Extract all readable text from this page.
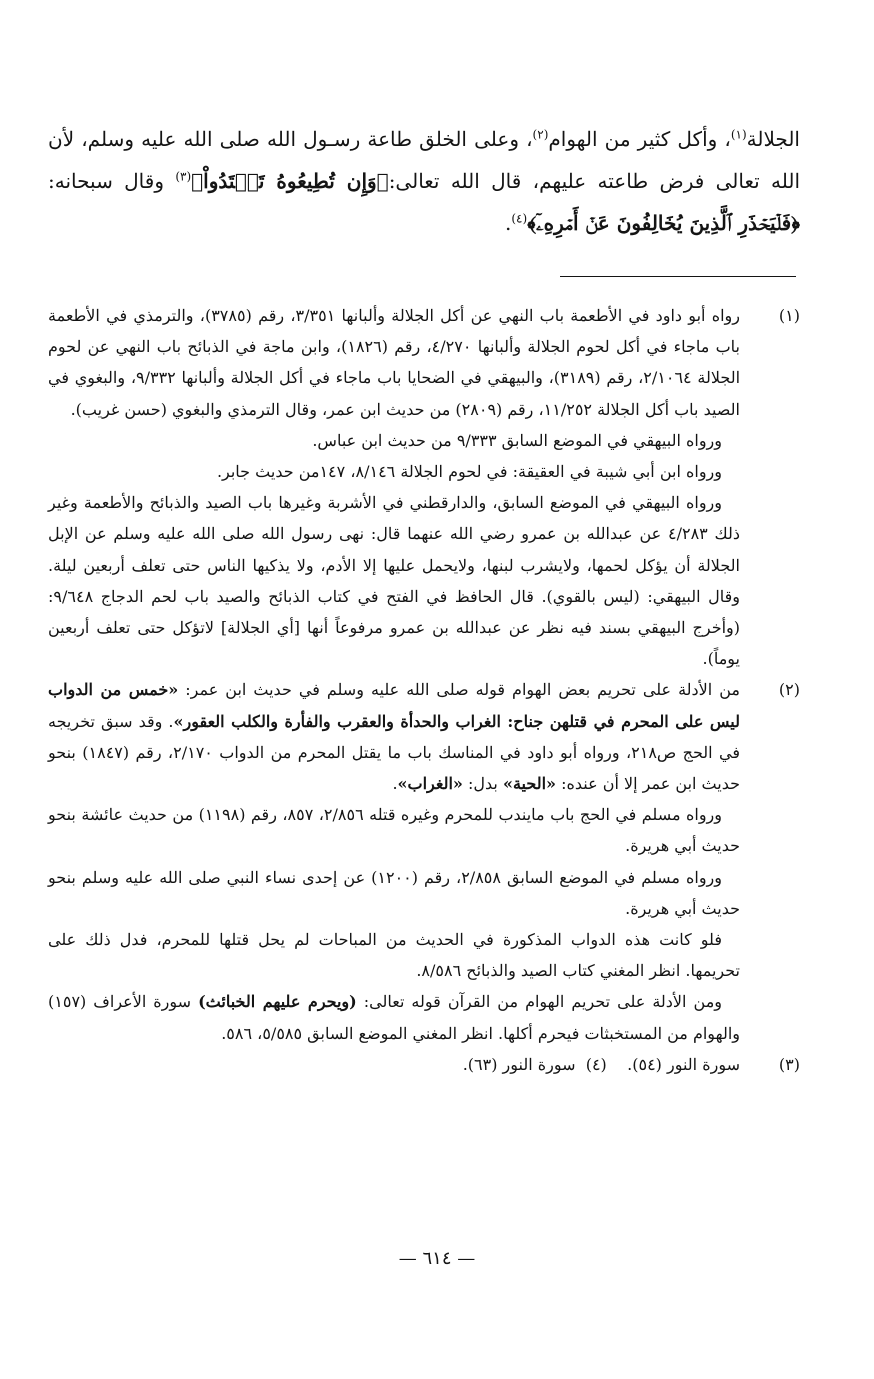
الجلالة$^{(١)}$، وأكل كثير من الهوام$^{(٢)}$، وعلى الخلق طاعة رسـول الله صلى الله عليه وسلم، لأن الله تعالى فرض طاعته عليهم، قال الله تعالى:﴿وَإِن تُطِيعُوهُ تَهۡتَدُواْ﴾$^{(٣)}$ وقال سبحانه: ﴿فَلۡيَحۡذَرِ ٱلَّذِينَ يُخَالِفُونَ عَنۡ أَمۡرِهِۦٓ﴾$^{(٤)}$.

(١)

رواه أبو داود في الأطعمة باب النهي عن أكل الجلالة وألبانها ٣/٣٥١، رقم (٣٧٨٥)، والترمذي في الأطعمة باب ماجاء في أكل لحوم الجلالة وألبانها ٤/٢٧٠، رقم (١٨٢٦)، وابن ماجة في الذبائح باب النهي عن لحوم الجلالة ٢/١٠٦٤، رقم (٣١٨٩)، والبيهقي في الضحايا باب ماجاء في أكل الجلالة وألبانها ٩/٣٣٢، والبغوي في الصيد باب أكل الجلالة ١١/٢٥٢، رقم (٢٨٠٩) من حديث ابن عمر، وقال الترمذي والبغوي (حسن غريب).

ورواه البيهقي في الموضع السابق ٩/٣٣٣ من حديث ابن عباس.

ورواه ابن أبي شيبة في العقيقة: في لحوم الجلالة ٨/١٤٦، ١٤٧من حديث جابر.

ورواه البيهقي في الموضع السابق، والدارقطني في الأشربة وغيرها باب الصيد والذبائح والأطعمة وغير ذلك ٤/٢٨٣ عن عبدالله بن عمرو رضي الله عنهما قال: نهى رسول الله صلى الله عليه وسلم عن الإبل الجلالة أن يؤكل لحمها، ولايشرب لبنها، ولايحمل عليها إلا الأدم، ولا يذكيها الناس حتى تعلف أربعين ليلة. وقال البيهقي: (ليس بالقوي). قال الحافظ في الفتح في كتاب الذبائح والصيد باب لحم الدجاج ٩/٦٤٨: (وأخرج البيهقي بسند فيه نظر عن عبدالله بن عمرو مرفوعاً أنها [أي الجلالة] لاتؤكل حتى تعلف أربعين يوماً).

(٢)

من الأدلة على تحريم بعض الهوام قوله صلى الله عليه وسلم في حديث ابن عمر: «خمس من الدواب ليس على المحرم في قتلهن جناح: الغراب والحدأة والعقرب والفأرة والكلب العقور». وقد سبق تخريجه في الحج ص٢١٨، ورواه أبو داود في المناسك باب ما يقتل المحرم من الدواب ٢/١٧٠، رقم (١٨٤٧) بنحو حديث ابن عمر إلا أن عنده: «الحية» بدل: «الغراب».

ورواه مسلم في الحج باب مايندب للمحرم وغيره قتله ٢/٨٥٦، ٨٥٧، رقم (١١٩٨) من حديث عائشة بنحو حديث أبي هريرة.

ورواه مسلم في الموضع السابق ٢/٨٥٨، رقم (١٢٠٠) عن إحدى نساء النبي صلى الله عليه وسلم بنحو حديث أبي هريرة.

فلو كانت هذه الدواب المذكورة في الحديث من المباحات لم يحل قتلها للمحرم، فدل ذلك على تحريمها. انظر المغني كتاب الصيد والذبائح ٨/٥٨٦.

ومن الأدلة على تحريم الهوام من القرآن قوله تعالى: (ويحرم عليهم الخبائث) سورة الأعراف (١٥٧) والهوام من المستخبثات فيحرم أكلها. انظر المغني الموضع السابق ٥/٥٨٥، ٥٨٦.

(٣)

سورة النور (٥٤).    (٤)  سورة النور (٦٣).

— ٦١٤ —
